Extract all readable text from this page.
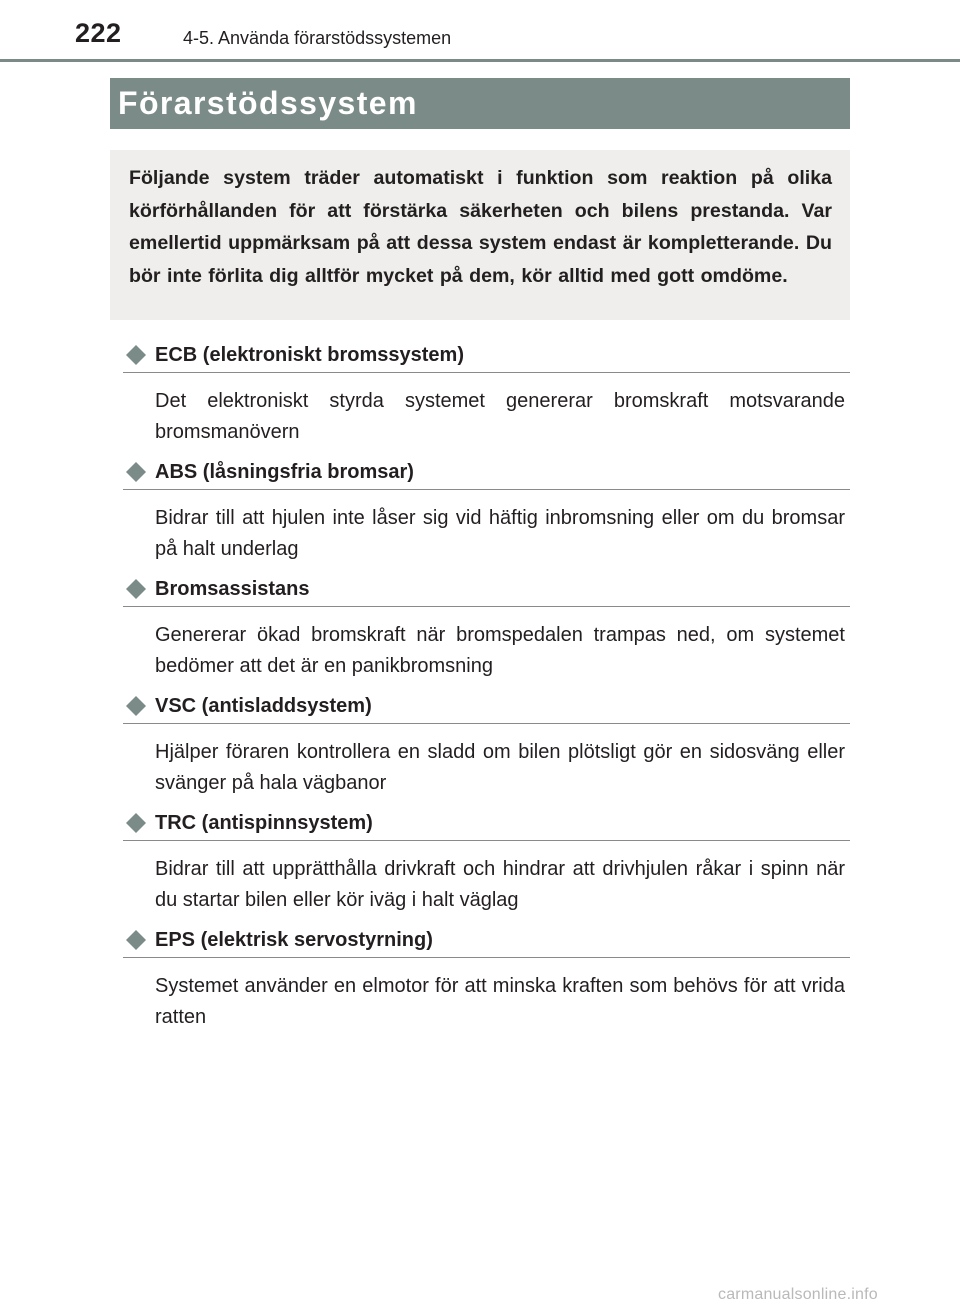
222	4-5. Använda förarstödssystemen
Förarstödssystem

Följande system träder automatiskt i funktion som reaktion på olika körförhållanden för att förstärka säkerheten och bilens prestanda. Var emellertid uppmärksam på att dessa system endast är kompletterande. Du bör inte förlita dig alltför mycket på dem, kör alltid med gott omdöme.

ECB (elektroniskt bromssystem)

Det elektroniskt styrda systemet genererar bromskraft motsvarande bromsmanövern

ABS (låsningsfria bromsar)

Bidrar till att hjulen inte låser sig vid häftig inbromsning eller om du bromsar på halt underlag

Bromsassistans

Genererar ökad bromskraft när bromspedalen trampas ned, om systemet bedömer att det är en panikbromsning

VSC (antisladdsystem)

Hjälper föraren kontrollera en sladd om bilen plötsligt gör en sidosväng eller svänger på hala vägbanor

TRC (antispinnsystem)

Bidrar till att upprätthålla drivkraft och hindrar att drivhjulen råkar i spinn när du startar bilen eller kör iväg i halt väglag

EPS (elektrisk servostyrning)

Systemet använder en elmotor för att minska kraften som behövs för att vrida ratten

carmanualsonline.info
